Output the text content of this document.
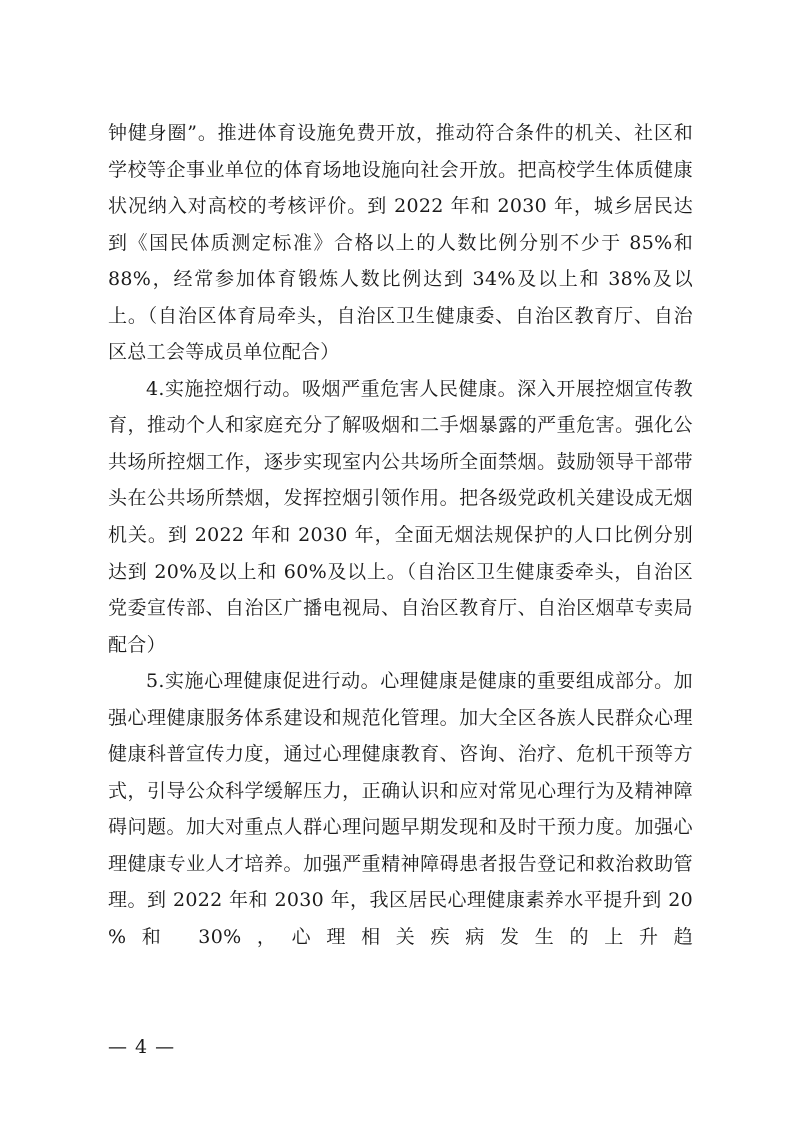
钟健身圈”。推进体育设施免费开放，推动符合条件的机关、社区和学校等企事业单位的体育场地设施向社会开放。把高校学生体质健康状况纳入对高校的考核评价。到 2022 年和 2030 年，城乡居民达到《国民体质测定标准》合格以上的人数比例分别不少于 85%和 88%，经常参加体育锻炼人数比例达到 34%及以上和 38%及以上。（自治区体育局牵头，自治区卫生健康委、自治区教育厅、自治区总工会等成员单位配合）

4.实施控烟行动。吸烟严重危害人民健康。深入开展控烟宣传教育，推动个人和家庭充分了解吸烟和二手烟暴露的严重危害。强化公共场所控烟工作，逐步实现室内公共场所全面禁烟。鼓励领导干部带头在公共场所禁烟，发挥控烟引领作用。把各级党政机关建设成无烟机关。到 2022 年和 2030 年，全面无烟法规保护的人口比例分别达到 20%及以上和 60%及以上。（自治区卫生健康委牵头，自治区党委宣传部、自治区广播电视局、自治区教育厅、自治区烟草专卖局配合）

5.实施心理健康促进行动。心理健康是健康的重要组成部分。加强心理健康服务体系建设和规范化管理。加大全区各族人民群众心理健康科普宣传力度，通过心理健康教育、咨询、治疗、危机干预等方式，引导公众科学缓解压力，正确认识和应对常见心理行为及精神障碍问题。加大对重点人群心理问题早期发现和及时干预力度。加强心理健康专业人才培养。加强严重精神障碍患者报告登记和救治救助管理。到 2022 年和 2030 年，我区居民心理健康素养水平提升到 20 %和 30%，心理相关疾病发生的上升趋

— 4 —
